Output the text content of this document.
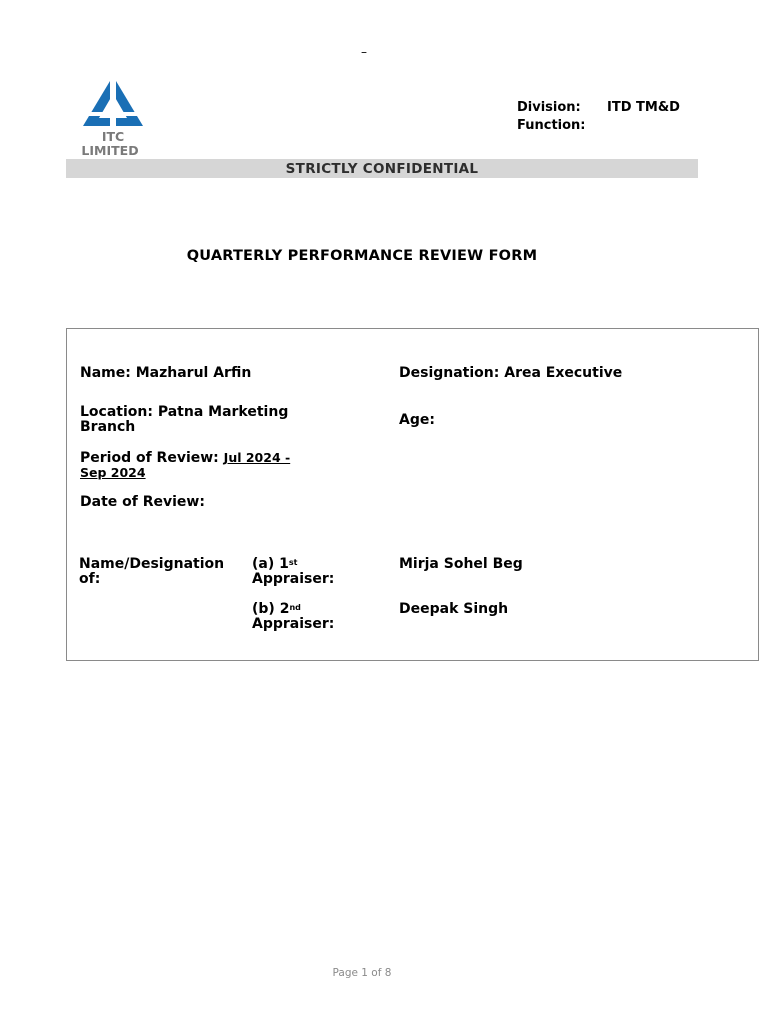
–
ITC
LIMITED
Division: ITD TM&D
Function:
STRICTLY CONFIDENTIAL
QUARTERLY PERFORMANCE REVIEW FORM
Name: Mazharul Arfin	Designation: Area Executive
Location: Patna Marketing
Branch	Age:
Period of Review: Jul 2024 -
Sep 2024
Date of Review:
Name/Designation
of:
(a) 1st
Appraiser:
Mirja Sohel Beg
(b) 2nd
Appraiser:
Deepak Singh
Page 1 of 8
